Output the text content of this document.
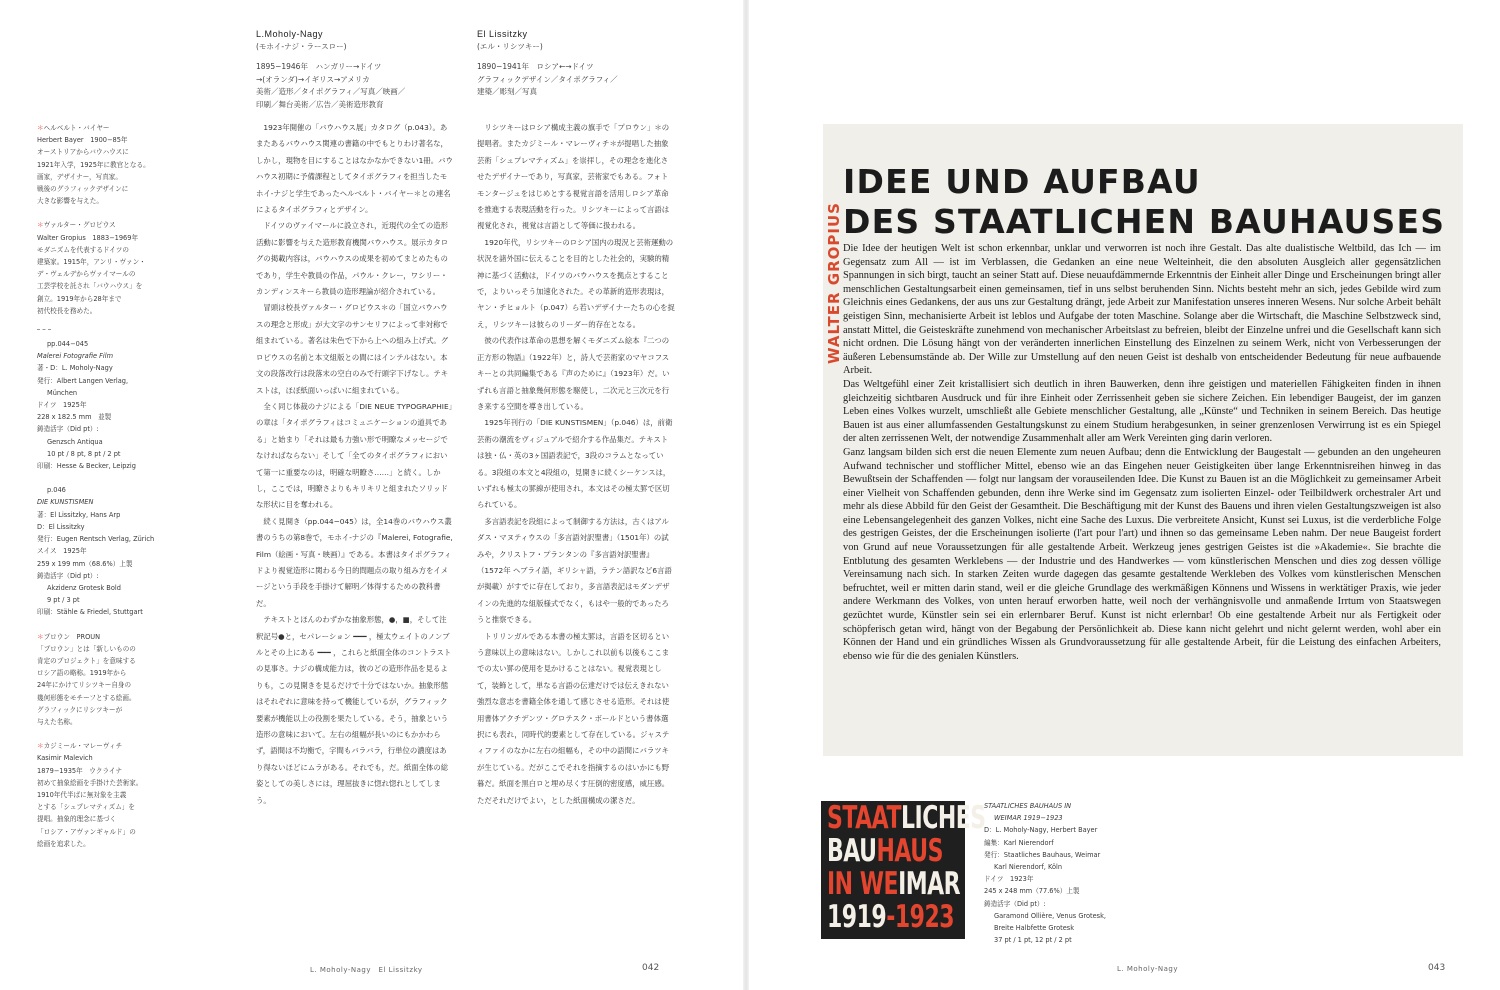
L.Moholy-Nagy
(モホイ-ナジ・ラースロー)
1895−1946年　ハンガリー→ドイツ
→(オランダ)→イギリス→アメリカ
美術／造形／タイポグラフィ／写真／映画／
印刷／舞台美術／広告／美術造形教育
El Lissitzky
(エル・リシツキー)
1890−1941年　ロシア←→ドイツ
グラフィックデザイン／タイポグラフィ／
建築／彫刻／写真
＊ヘルベルト・バイヤー
Herbert Bayer　1900−85年
オーストリアからバウハウスに
1921年入学，1925年に教官となる。
画家，デザイナー，写真家。
戦後のグラフィックデザインに
大きな影響を与えた。
＊ヴァルター・グロピウス
Walter Gropius　1883−1969年
モダニズムを代表するドイツの
建築家。1915年，アンリ・ヴァン・
デ・ヴェルデからヴァイマールの
工芸学校を託され「バウハウス」を
創立。1919年から28年まで
初代校長を務めた。
pp.044−045
Malerei Fotografie Film
著・D：L. Moholy-Nagy
発行：Albert Langen Verlag,
München
ドイツ　1925年
228 x 182.5 mm　並製
鋳造活字（Did pt）:
Genzsch Antiqua
10 pt / 8 pt, 8 pt / 2 pt
印刷：Hesse & Becker, Leipzig
p.046
DIE KUNSTISMEN
著：El Lissitzky, Hans Arp
D：El Lissitzky
発行：Eugen Rentsch Verlag, Zürich
スイス　1925年
259 x 199 mm（68.6%）上製
鋳造活字（Did pt）:
Akzidenz Grotesk Bold
9 pt / 3 pt
印刷：Stähle & Friedel, Stuttgart
＊プロウン　PROUN
「プロウン」とは「新しいものの
肯定のプロジェクト」を意味する
ロシア語の略称。1919年から
24年にかけてリシツキー自身の
幾何形態をモチーフとする絵画。
グラフィックにリシツキーが
与えた名称。
＊カジミール・マレーヴィチ
Kasimir Malevich
1879−1935年　ウクライナ
初めて抽象絵画を手掛けた芸術家。
1910年代半ばに無対象を主義
とする「シュプレマティズム」を
提唱。抽象的理念に基づく
「ロシア・アヴァンギャルド」の
絵画を追求した。

1923年開催の「バウハウス展」カタログ（p.043）。あまたあるバウハウス関連の書籍の中でもとりわけ著名な，しかし，現物を目にすることはなかなかできない1冊。バウハウス初期に予備課程としてタイポグラフィを担当したモホイ-ナジと学生であったヘルベルト・バイヤー＊との連名によるタイポグラフィとデザイン。

ドイツのヴァイマールに設立され，近現代の全ての造形活動に影響を与えた造形教育機関バウハウス。展示カタログの掲載内容は，バウハウスの成果を初めてまとめたものであり，学生や教員の作品，パウル・クレー，ワシリー・カンディンスキーら教員の造形理論が紹介されている。

冒頭は校長ヴァルター・グロピウス＊の「国立バウハウスの理念と形成」が大文字のサンセリフによって非対称で組まれている。著名は朱色で下から上への組み上げ式。グロピウスの名前と本文組版との間にはインテルはない。本文の段落改行は段落末の空白のみで行頭字下げなし。テキストは，ほぼ紙面いっぱいに組まれている。

全く同じ体裁のナジによる「DIE NEUE TYPOGRAPHIE」の章は「タイポグラフィはコミュニケーションの道具である」と始まり「それは最も力強い形で明瞭なメッセージでなければならない」そして「全てのタイポグラフィにおいて第一に重要なのは，明確な明瞭さ……」と続く。しかし，ここでは，明瞭さよりもキリキリと組まれたソリッドな形状に目を奪われる。

続く見開き（pp.044−045）は，全14巻のバウハウス叢書のうちの第8巻で，モホイ-ナジの『Malerei, Fotografie, Film（絵画・写真・映画）』である。本書はタイポグラフィドより視覚造形に関わる今日的問題点の取り組み方をイメージという手段を手掛けて解明／体得するための教科書だ。

テキストとほんのわずかな抽象形態，●，■，そして注釈記号●と，セパレーション ━━━ ，極太ウェイトのノンブルとその上にある ━━━ ，これらと紙面全体のコントラストの見事さ。ナジの構成能力は，彼のどの造形作品を見るよりも，この見開きを見るだけで十分ではないか。抽象形態はそれぞれに意味を持って機能しているが，グラフィック要素が機能以上の役割を果たしている。そう，抽象という造形の意味において。左右の組幅が長いのにもかかわらず，語間は不均衡で，字間もバラバラ，行単位の濃度はあり得ないほどにムラがある。それでも，だ。紙面全体の総姿としての美しさには，理屈抜きに惚れ惚れとしてしまう。

リシツキーはロシア構成主義の旗手で「プロウン」＊の提唱者。またカジミール・マレーヴィチ＊が提唱した抽象芸術「シュプレマティズム」を崇拝し，その理念を進化させたデザイナーであり，写真家，芸術家でもある。フォトモンタージュをはじめとする視覚言語を活用しロシア革命を推進する表現活動を行った。リシツキーによって言語は視覚化され，視覚は言語として等価に扱われる。

1920年代，リシツキーのロシア国内の現況と芸術運動の状況を諸外国に伝えることを目的とした社会的，実験的精神に基づく活動は，ドイツのバウハウスを拠点とすることで，よりいっそう加速化された。その革新的造形表現は，ヤン・チヒョルト（p.047）ら若いデザイナーたちの心を捉え，リシツキーは彼らのリーダー的存在となる。

彼の代表作は革命の思想を解くモダニズム絵本『二つの正方形の物語』（1922年）と，詩人で芸術家のマヤコフスキーとの共同編集である『声のために』（1923年）だ。いずれも言語と抽象幾何形態を駆使し，二次元と三次元を行き来する空間を導き出している。

1925年刊行の「DIE KUNSTISMEN」（p.046）は，前衛芸術の潮流をヴィジュアルで紹介する作品集だ。テキストは独・仏・英の3ヶ国語表記で，3段のコラムとなっている。3段組の本文と4段組の，見開きに続くシーケンスは，いずれも極太の罫線が使用され，本文はその極太罫で区切られている。

多言語表記を段組によって制御する方法は，古くはアルダス・マヌティウスの「多言語対訳聖書」（1501年）の試みや，クリストフ・プランタンの『多言語対訳聖書』（1572年 ヘブライ語，ギリシャ語，ラテン語訳など6言語が掲載）がすでに存在しており，多言語表記はモダンデザインの先進的な組版様式でなく，もはや一般的であったろうと推察できる。

トリリンガルである本書の極太罫は，言語を区切るという意味以上の意味はない。しかしこれ以前も以後もここまでの太い罫の使用を見かけることはない。視覚表現として，装飾として，単なる言語の伝達だけでは伝えきれない強烈な意志を書籍全体を通して感じさせる造形。それは使用書体アクチデンツ・グロテスク・ボールドという書体選択にも表れ，同時代的要素として存在している。ジャスティファイのなかに左右の組幅も，その中の語間にバラツキが生じている。だがここでそれを指摘するのはいかにも野暮だ。紙面を黒白ロと埋め尽くす圧倒的密度感，威圧感。ただそれだけでよい，とした紙面構成の潔さだ。

L. Moholy-Nagy　El Lissitzky	042
WALTER GROPIUS
IDEE UND AUFBAU
DES STAATLICHEN BAUHAUSES

Die Idee der heutigen Welt ist schon erkennbar, unklar und verworren ist noch ihre Gestalt. Das alte dualistische Weltbild, das Ich — im Gegensatz zum All — ist im Verblassen, die Gedanken an eine neue Welteinheit, die den absoluten Ausgleich aller gegensätzlichen Spannungen in sich birgt, taucht an seiner Statt auf. Diese neuaufdämmernde Erkenntnis der Einheit aller Dinge und Erscheinungen bringt aller menschlichen Gestaltungsarbeit einen gemeinsamen, tief in uns selbst beruhenden Sinn. Nichts besteht mehr an sich, jedes Gebilde wird zum Gleichnis eines Gedankens, der aus uns zur Gestaltung drängt, jede Arbeit zur Manifestation unseres inneren Wesens. Nur solche Arbeit behält geistigen Sinn, mechanisierte Arbeit ist leblos und Aufgabe der toten Maschine. Solange aber die Wirtschaft, die Maschine Selbstzweck sind, anstatt Mittel, die Geisteskräfte zunehmend von mechanischer Arbeitslast zu befreien, bleibt der Einzelne unfrei und die Gesellschaft kann sich nicht ordnen. Die Lösung hängt von der veränderten innerlichen Einstellung des Einzelnen zu seinem Werk, nicht von Verbesserungen der äußeren Lebensumstände ab. Der Wille zur Umstellung auf den neuen Geist ist deshalb von entscheidender Bedeutung für neue aufbauende Arbeit.

Das Weltgefühl einer Zeit kristallisiert sich deutlich in ihren Bauwerken, denn ihre geistigen und materiellen Fähigkeiten finden in ihnen gleichzeitig sichtbaren Ausdruck und für ihre Einheit oder Zerrissenheit geben sie sichere Zeichen. Ein lebendiger Baugeist, der im ganzen Leben eines Volkes wurzelt, umschließt alle Gebiete menschlicher Gestaltung, alle „Künste“ und Techniken in seinem Bereich. Das heutige Bauen ist aus einer allumfassenden Gestaltungskunst zu einem Studium herabgesunken, in seiner grenzenlosen Verwirrung ist es ein Spiegel der alten zerrissenen Welt, der notwendige Zusammenhalt aller am Werk Vereinten ging darin verloren.

Ganz langsam bilden sich erst die neuen Elemente zum neuen Aufbau; denn die Entwicklung der Baugestalt — gebunden an den ungeheuren Aufwand technischer und stofflicher Mittel, ebenso wie an das Eingehen neuer Geistigkeiten über lange Erkenntnisreihen hinweg in das Bewußtsein der Schaffenden — folgt nur langsam der vorauseilenden Idee. Die Kunst zu Bauen ist an die Möglichkeit zu gemeinsamer Arbeit einer Vielheit von Schaffenden gebunden, denn ihre Werke sind im Gegensatz zum isolierten Einzel- oder Teilbildwerk orchestraler Art und mehr als diese Abbild für den Geist der Gesamtheit. Die Beschäftigung mit der Kunst des Bauens und ihren vielen Gestaltungszweigen ist also eine Lebensangelegenheit des ganzen Volkes, nicht eine Sache des Luxus. Die verbreitete Ansicht, Kunst sei Luxus, ist die verderbliche Folge des gestrigen Geistes, der die Erscheinungen isolierte (l'art pour l'art) und ihnen so das gemeinsame Leben nahm. Der neue Baugeist fordert von Grund auf neue Voraussetzungen für alle gestaltende Arbeit. Werkzeug jenes gestrigen Geistes ist die »Akademie«. Sie brachte die Entblutung des gesamten Werklebens — der Industrie und des Handwerkes — vom künstlerischen Menschen und dies zog dessen völlige Vereinsamung nach sich. In starken Zeiten wurde dagegen das gesamte gestaltende Werkleben des Volkes vom künstlerischen Menschen befruchtet, weil er mitten darin stand, weil er die gleiche Grundlage des werkmäßigen Könnens und Wissens in werktätiger Praxis, wie jeder andere Werkmann des Volkes, von unten herauf erworben hatte, weil noch der verhängnisvolle und anmaßende Irrtum von Staatswegen gezüchtet wurde, Künstler sein sei ein erlernbarer Beruf. Kunst ist nicht erlernbar! Ob eine gestaltende Arbeit nur als Fertigkeit oder schöpferisch getan wird, hängt von der Begabung der Persönlichkeit ab. Diese kann nicht gelehrt und nicht gelernt werden, wohl aber ein Können der Hand und ein gründliches Wissen als Grundvoraussetzung für alle gestaltende Arbeit, für die Leistung des einfachen Arbeiters, ebenso wie für die des genialen Künstlers.

STAATLICHES
BAUHAUS
IN WEIMAR
1919-1923
STAATLICHES BAUHAUS IN
WEIMAR 1919−1923
D：L. Moholy-Nagy, Herbert Bayer
編集：Karl Nierendorf
発行：Staatliches Bauhaus, Weimar
Karl Nierendorf, Köln
ドイツ　1923年
245 x 248 mm（77.6%）上製
鋳造活字（Did pt）:
Garamond Ollière, Venus Grotesk,
Breite Halbfette Grotesk
37 pt / 1 pt, 12 pt / 2 pt
L. Moholy-Nagy	043
